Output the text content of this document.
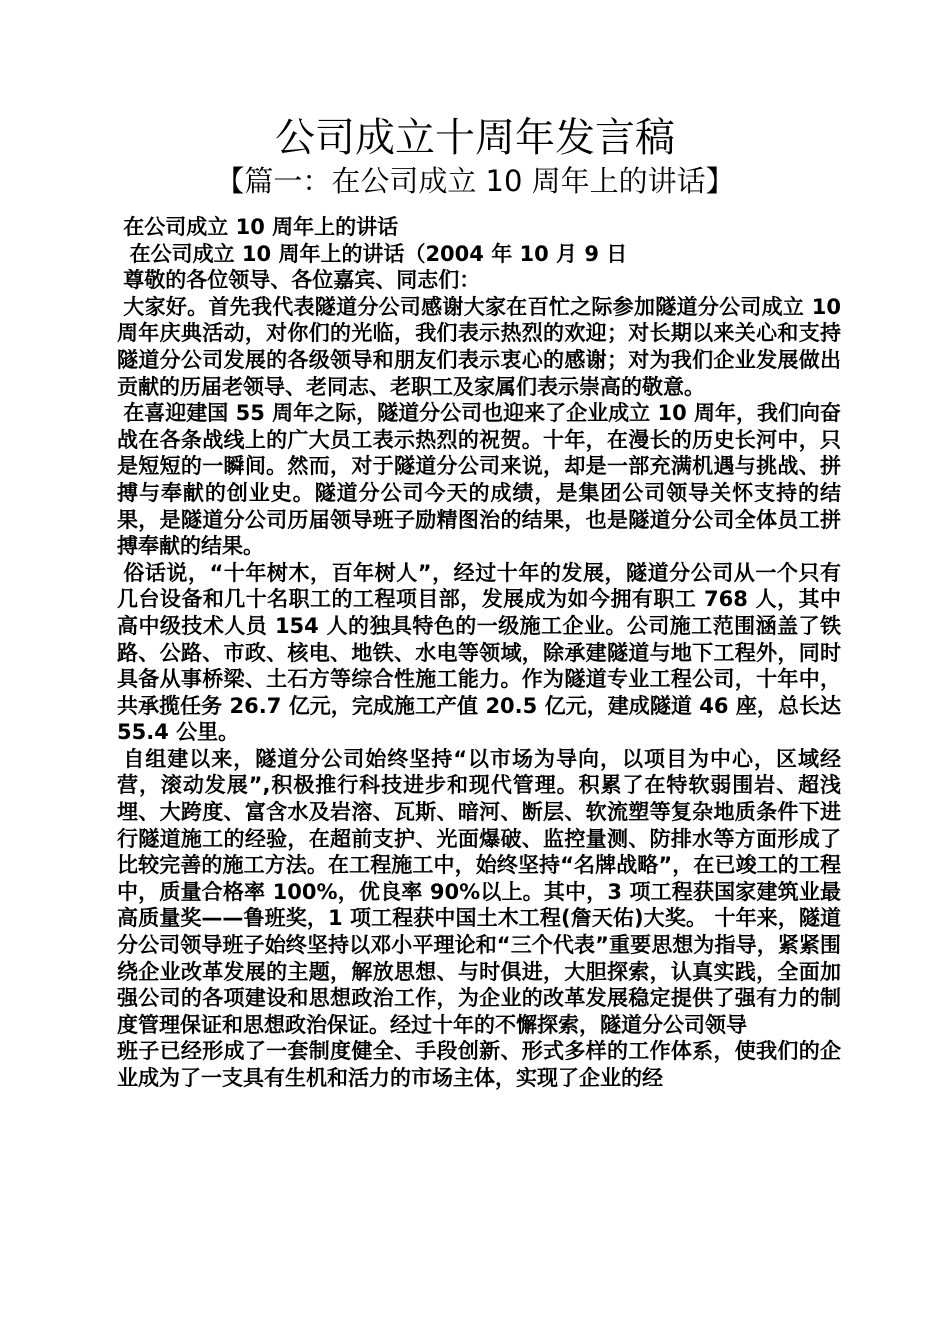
公司成立十周年发言稿
【篇一：在公司成立 10 周年上的讲话】

在公司成立 10 周年上的讲话

在公司成立 10 周年上的讲话（2004 年 10 月 9 日

尊敬的各位领导、各位嘉宾、同志们：

大家好。首先我代表隧道分公司感谢大家在百忙之际参加隧道分公司成立 10 周年庆典活动，对你们的光临，我们表示热烈的欢迎；对长期以来关心和支持隧道分公司发展的各级领导和朋友们表示衷心的感谢；对为我们企业发展做出贡献的历届老领导、老同志、老职工及家属们表示崇高的敬意。

在喜迎建国 55 周年之际，隧道分公司也迎来了企业成立 10 周年，我们向奋战在各条战线上的广大员工表示热烈的祝贺。十年，在漫长的历史长河中，只是短短的一瞬间。然而，对于隧道分公司来说，却是一部充满机遇与挑战、拼搏与奉献的创业史。隧道分公司今天的成绩，是集团公司领导关怀支持的结果，是隧道分公司历届领导班子励精图治的结果，也是隧道分公司全体员工拼搏奉献的结果。

俗话说，“十年树木，百年树人”，经过十年的发展，隧道分公司从一个只有几台设备和几十名职工的工程项目部，发展成为如今拥有职工 768 人，其中高中级技术人员 154 人的独具特色的一级施工企业。公司施工范围涵盖了铁路、公路、市政、核电、地铁、水电等领域，除承建隧道与地下工程外，同时具备从事桥梁、土石方等综合性施工能力。作为隧道专业工程公司，十年中，共承揽任务 26.7 亿元，完成施工产值 20.5 亿元，建成隧道 46 座，总长达 55.4 公里。

自组建以来，隧道分公司始终坚持“以市场为导向，以项目为中心，区域经营，滚动发展”,积极推行科技进步和现代管理。积累了在特软弱围岩、超浅埋、大跨度、富含水及岩溶、瓦斯、暗河、断层、软流塑等复杂地质条件下进行隧道施工的经验，在超前支护、光面爆破、监控量测、防排水等方面形成了比较完善的施工方法。在工程施工中，始终坚持“名牌战略”，在已竣工的工程中，质量合格率 100%，优良率 90%以上。其中，3 项工程获国家建筑业最高质量奖——鲁班奖，1 项工程获中国土木工程(詹天佑)大奖。 十年来，隧道分公司领导班子始终坚持以邓小平理论和“三个代表”重要思想为指导，紧紧围绕企业改革发展的主题，解放思想、与时俱进，大胆探索，认真实践，全面加强公司的各项建设和思想政治工作，为企业的改革发展稳定提供了强有力的制度管理保证和思想政治保证。经过十年的不懈探索，隧道分公司领导

班子已经形成了一套制度健全、手段创新、形式多样的工作体系，使我们的企业成为了一支具有生机和活力的市场主体，实现了企业的经
